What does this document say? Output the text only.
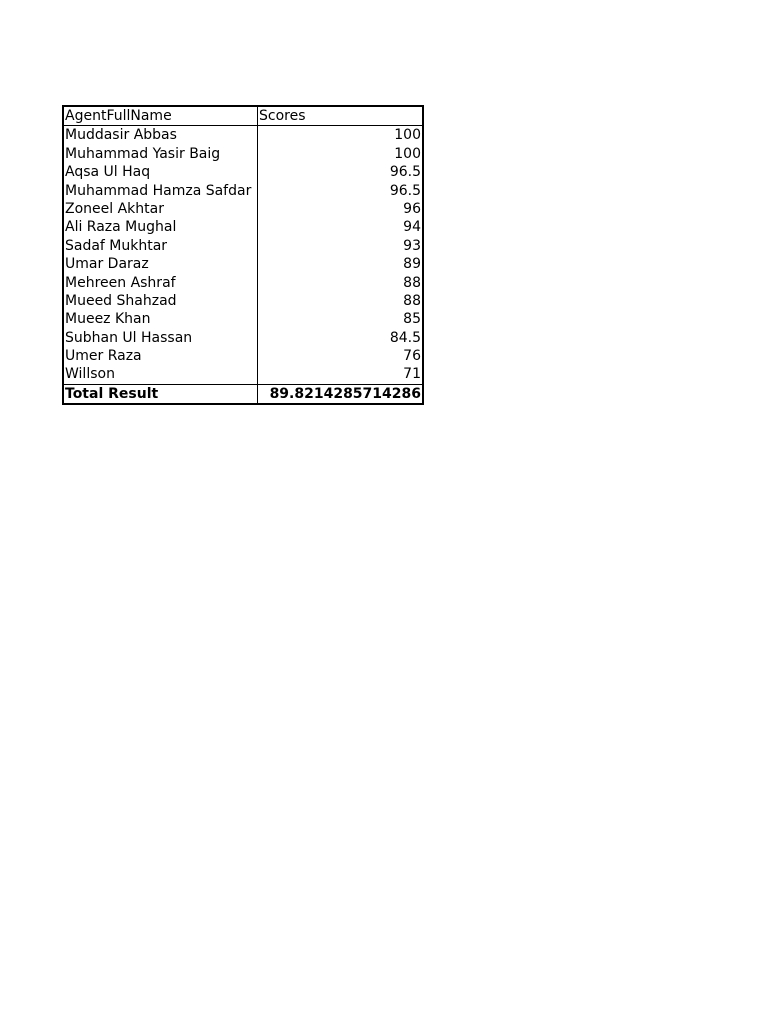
AgentFullName	Scores
Muddasir Abbas	100
Muhammad Yasir Baig	100
Aqsa Ul Haq	96.5
Muhammad Hamza Safdar	96.5
Zoneel Akhtar	96
Ali Raza Mughal	94
Sadaf Mukhtar	93
Umar Daraz	89
Mehreen Ashraf	88
Mueed Shahzad	88
Mueez Khan	85
Subhan Ul Hassan	84.5
Umer Raza	76
Willson	71
Total Result	89.8214285714286
